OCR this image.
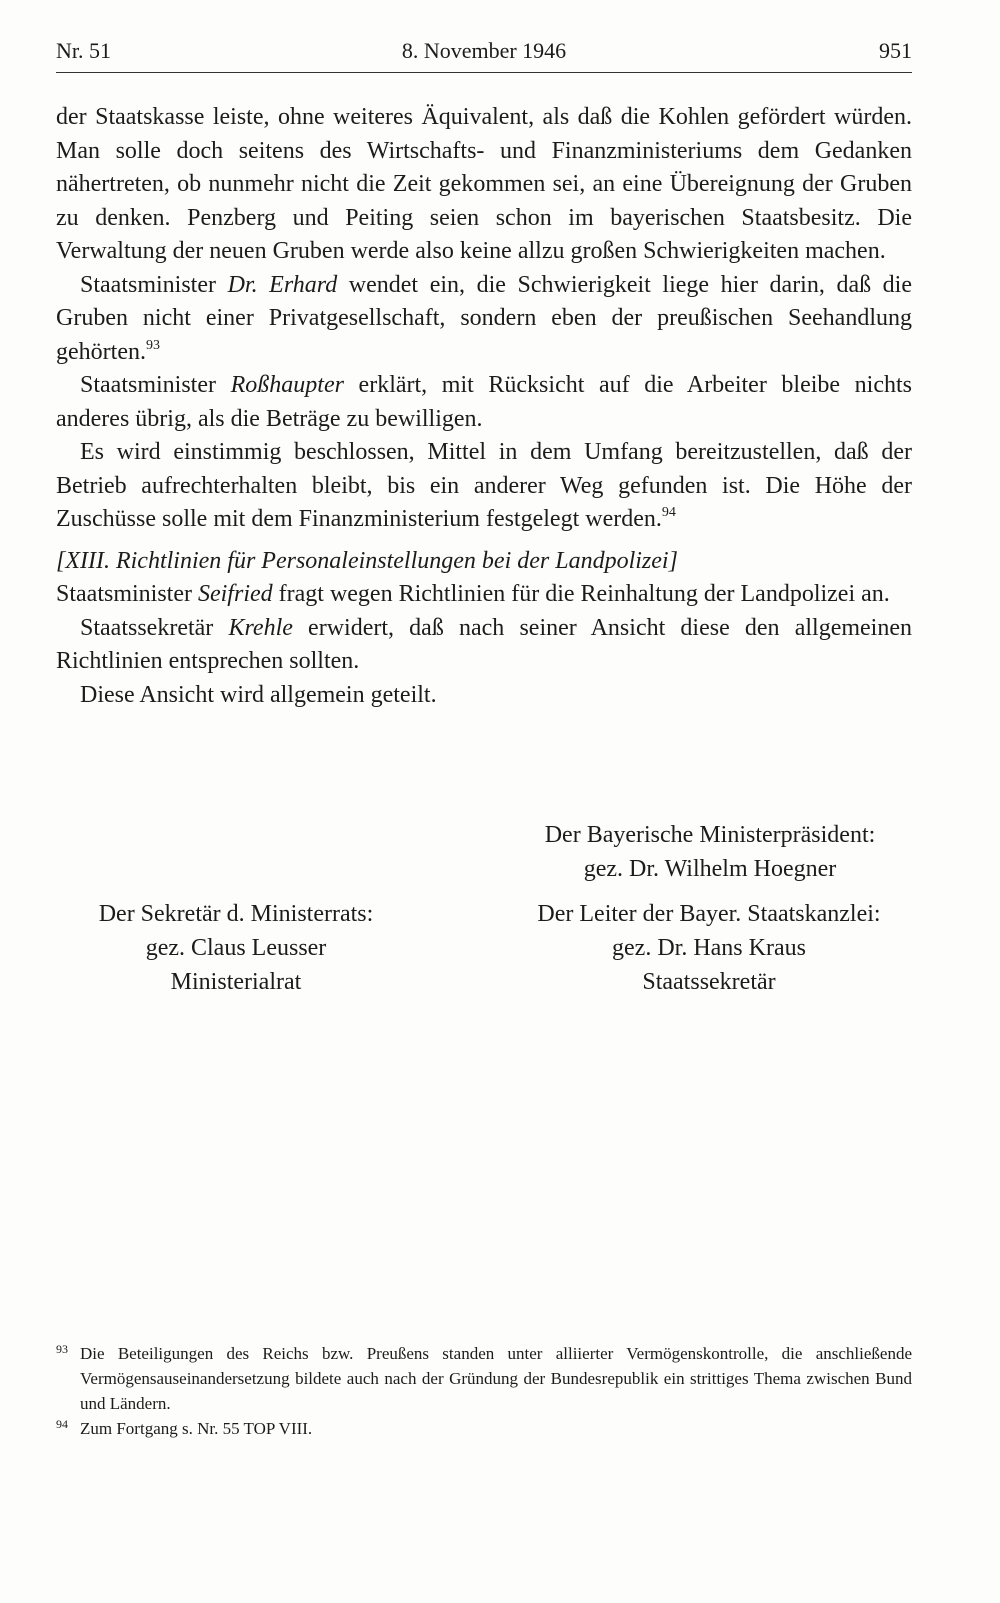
Nr. 51	8. November 1946	951

der Staatskasse leiste, ohne weiteres Äquivalent, als daß die Kohlen gefördert würden. Man solle doch seitens des Wirtschafts- und Finanzministeriums dem Gedanken nähertreten, ob nunmehr nicht die Zeit gekommen sei, an eine Übereignung der Gruben zu denken. Penzberg und Peiting seien schon im bayerischen Staatsbesitz. Die Verwaltung der neuen Gruben werde also keine allzu großen Schwierigkeiten machen.

Staatsminister Dr. Erhard wendet ein, die Schwierigkeit liege hier darin, daß die Gruben nicht einer Privatgesellschaft, sondern eben der preußischen Seehandlung gehörten.$^{93}$

Staatsminister Roßhaupter erklärt, mit Rücksicht auf die Arbeiter bleibe nichts anderes übrig, als die Beträge zu bewilligen.

Es wird einstimmig beschlossen, Mittel in dem Umfang bereitzustellen, daß der Betrieb aufrechterhalten bleibt, bis ein anderer Weg gefunden ist. Die Höhe der Zuschüsse solle mit dem Finanzministerium festgelegt werden.$^{94}$

[XIII. Richtlinien für Personaleinstellungen bei der Landpolizei]

Staatsminister Seifried fragt wegen Richtlinien für die Reinhaltung der Landpolizei an.

Staatssekretär Krehle erwidert, daß nach seiner Ansicht diese den allgemeinen Richtlinien entsprechen sollten.

Diese Ansicht wird allgemein geteilt.

Der Bayerische Ministerpräsident:
gez. Dr. Wilhelm Hoegner
Der Sekretär d. Ministerrats:
gez. Claus Leusser
Ministerialrat
Der Leiter der Bayer. Staatskanzlei:
gez. Dr. Hans Kraus
Staatssekretär
93 Die Beteiligungen des Reichs bzw. Preußens standen unter alliierter Vermögenskontrolle, die anschließende Vermögensauseinandersetzung bildete auch nach der Gründung der Bundesrepublik ein strittiges Thema zwischen Bund und Ländern.
94 Zum Fortgang s. Nr. 55 TOP VIII.
